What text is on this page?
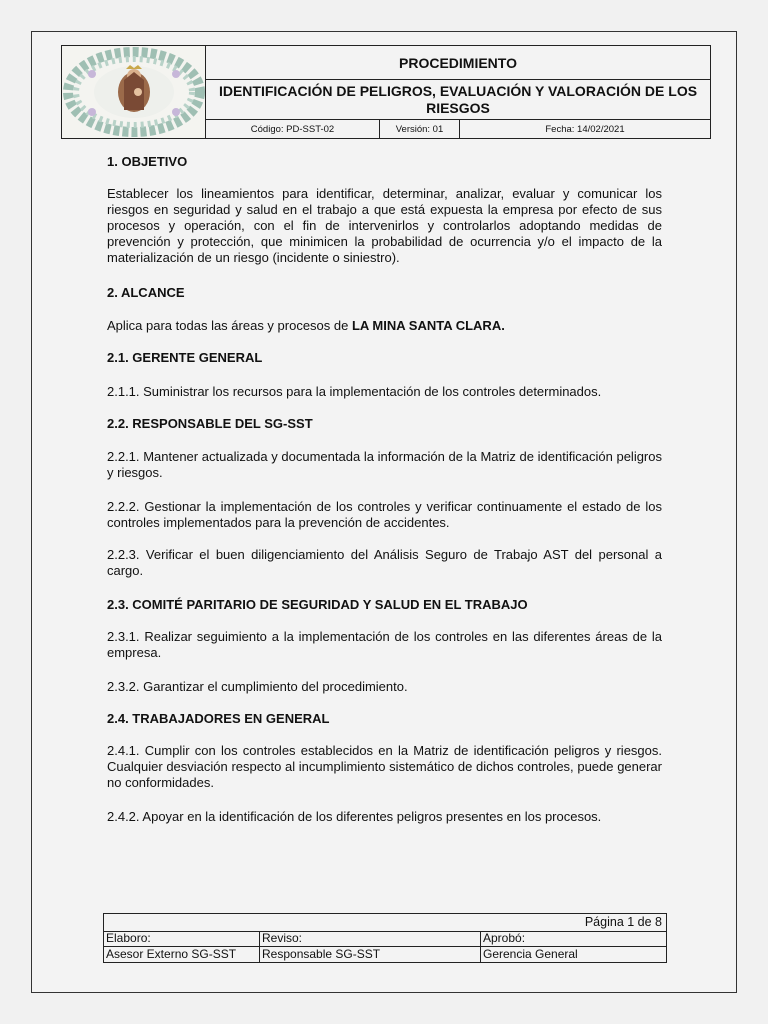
PROCEDIMIENTO
IDENTIFICACIÓN DE PELIGROS, EVALUACIÓN Y VALORACIÓN DE LOS RIESGOS
Código: PD-SST-02	Versión: 01	Fecha: 14/02/2021
1. OBJETIVO
Establecer los lineamientos para identificar, determinar, analizar, evaluar y comunicar los riesgos en seguridad y salud en el trabajo a que está expuesta la empresa por efecto de sus procesos y operación, con el fin de intervenirlos y controlarlos adoptando medidas de prevención y protección, que minimicen la probabilidad de ocurrencia y/o el impacto de la materialización de un riesgo (incidente o siniestro).
2. ALCANCE
Aplica para todas las áreas y procesos de LA MINA SANTA CLARA.
2.1. GERENTE GENERAL
2.1.1. Suministrar los recursos para la implementación de los controles determinados.
2.2. RESPONSABLE DEL SG-SST
2.2.1. Mantener actualizada y documentada la información de la Matriz de identificación peligros y riesgos.
2.2.2. Gestionar la implementación de los controles y verificar continuamente el estado de los controles implementados para la prevención de accidentes.
2.2.3. Verificar el buen diligenciamiento del Análisis Seguro de Trabajo AST del personal a cargo.
2.3. COMITÉ PARITARIO DE SEGURIDAD Y SALUD EN EL TRABAJO
2.3.1. Realizar seguimiento a la implementación de los controles en las diferentes áreas de la empresa.
2.3.2. Garantizar el cumplimiento del procedimiento.
2.4. TRABAJADORES EN GENERAL
2.4.1. Cumplir con los controles establecidos en la Matriz de identificación peligros y riesgos. Cualquier desviación respecto al incumplimiento sistemático de dichos controles, puede generar no conformidades.
2.4.2. Apoyar en la identificación de los diferentes peligros presentes en los procesos.
Página 1 de 8
Elaboro:	Reviso:	Aprobó:
Asesor Externo SG-SST	Responsable SG-SST	Gerencia General
